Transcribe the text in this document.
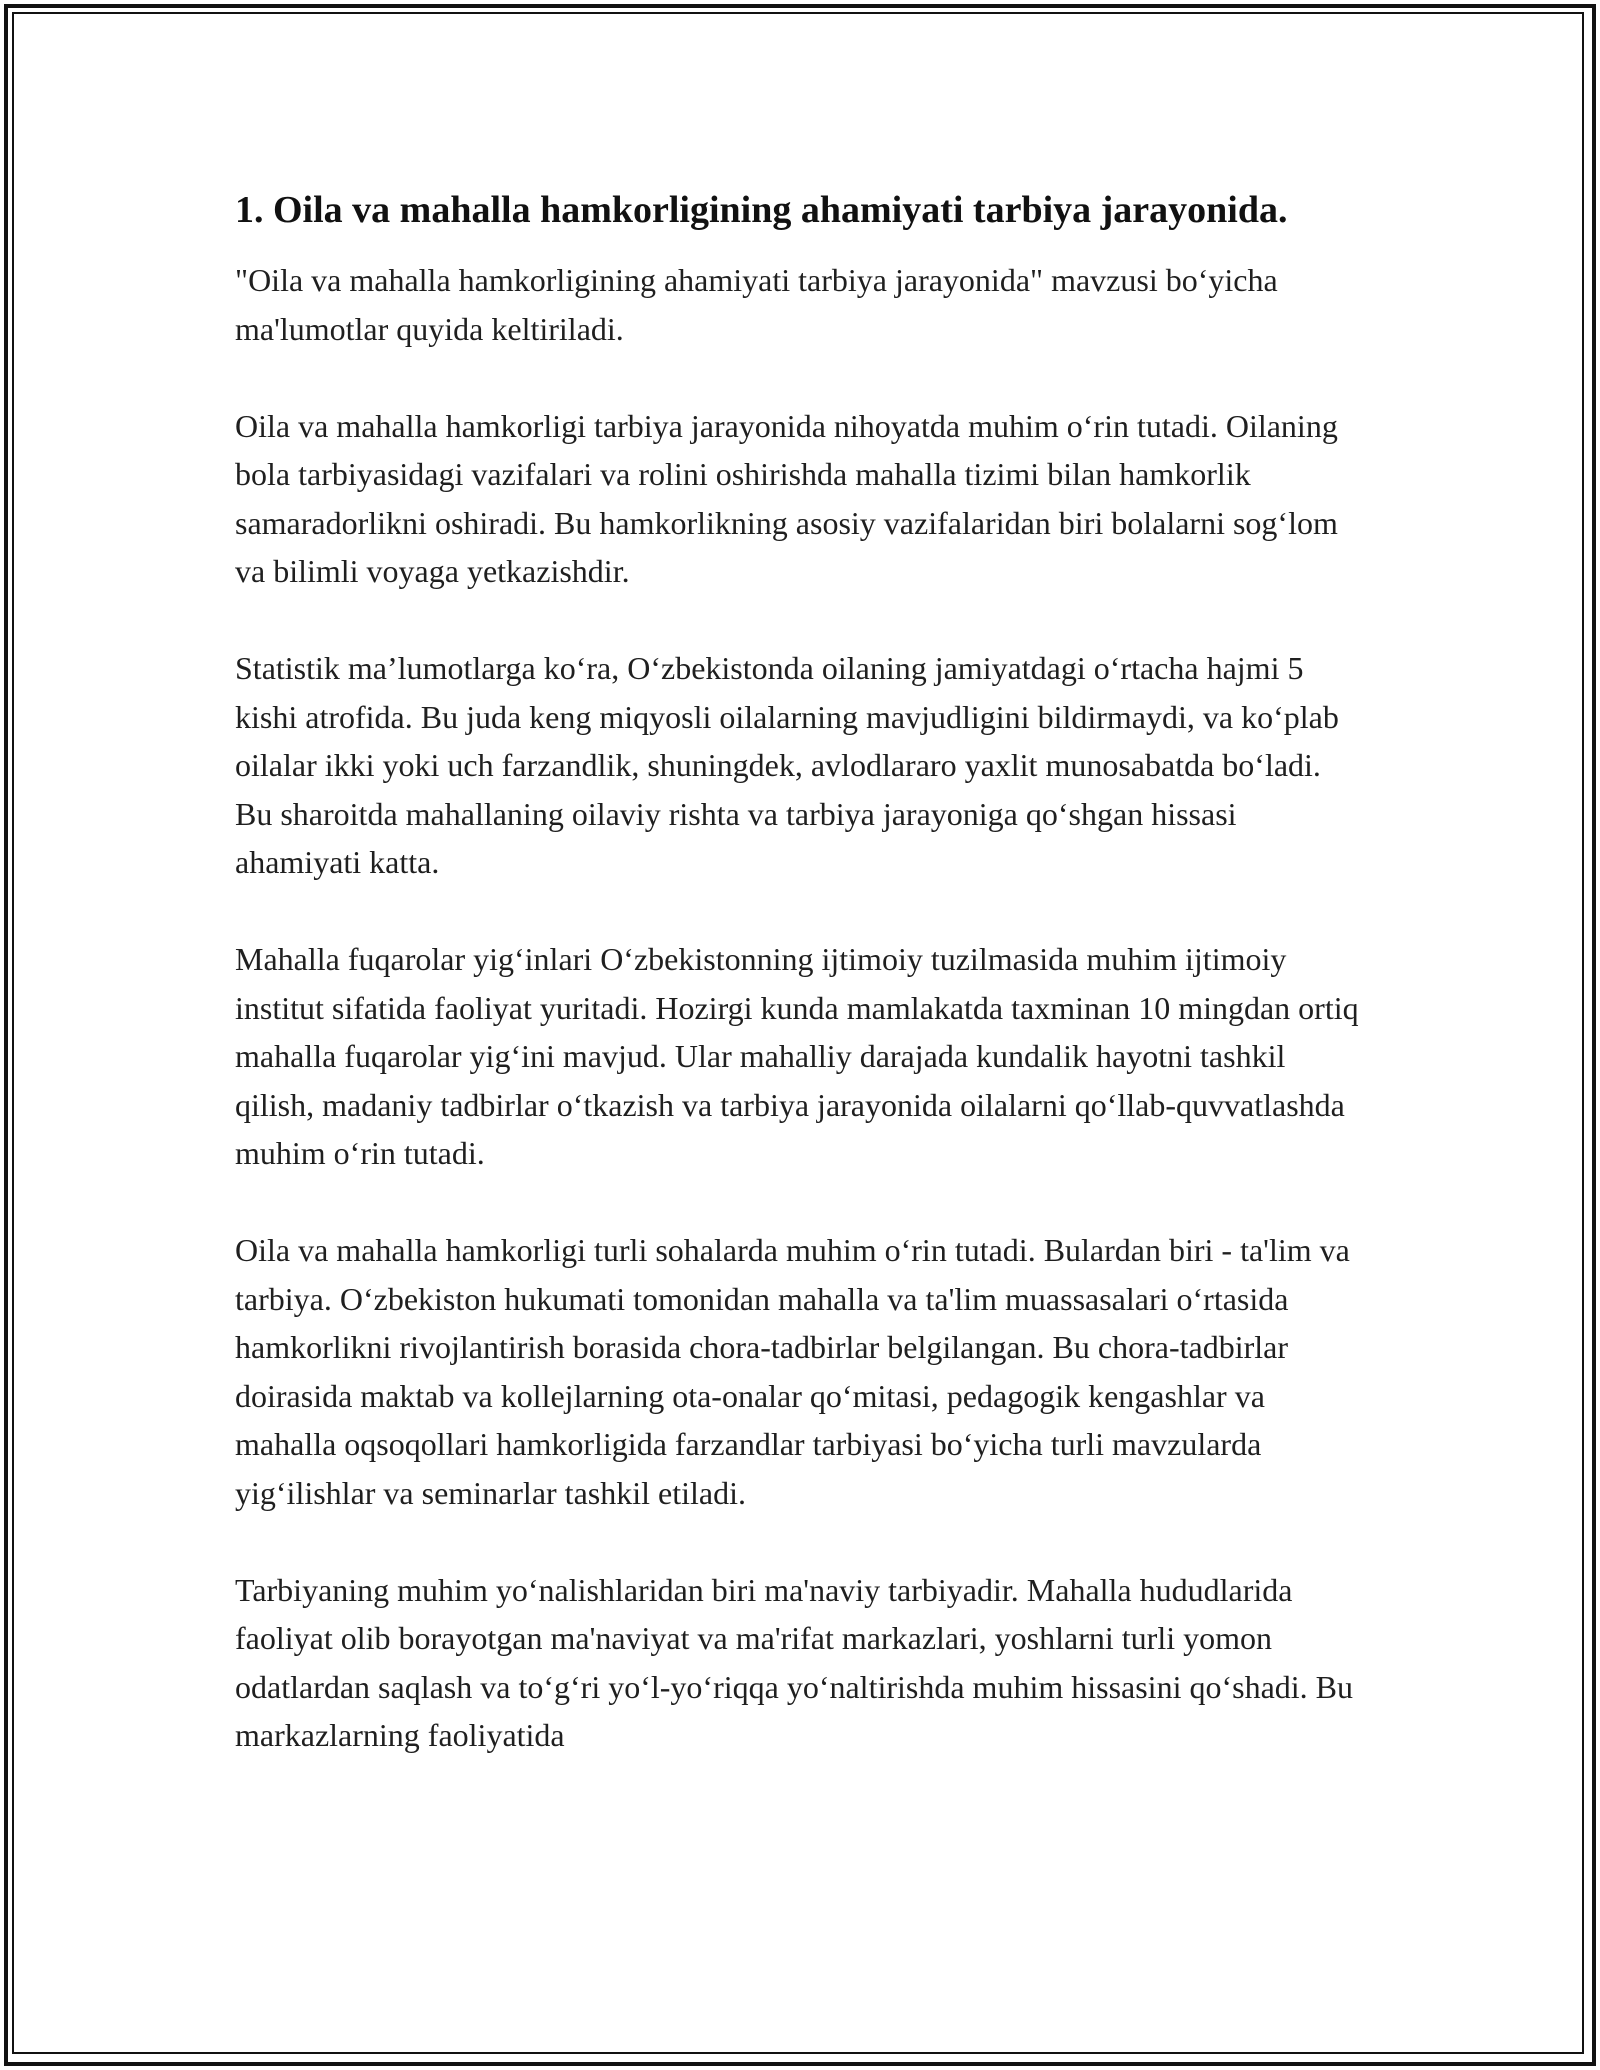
1. Oila va mahalla hamkorligining ahamiyati tarbiya jarayonida.

"Oila va mahalla hamkorligining ahamiyati tarbiya jarayonida" mavzusi bo‘yicha ma'lumotlar quyida keltiriladi.

Oila va mahalla hamkorligi tarbiya jarayonida nihoyatda muhim o‘rin tutadi. Oilaning bola tarbiyasidagi vazifalari va rolini oshirishda mahalla tizimi bilan hamkorlik samaradorlikni oshiradi. Bu hamkorlikning asosiy vazifalaridan biri bolalarni sog‘lom va bilimli voyaga yetkazishdir.

Statistik ma’lumotlarga ko‘ra, O‘zbekistonda oilaning jamiyatdagi o‘rtacha hajmi 5 kishi atrofida. Bu juda keng miqyosli oilalarning mavjudligini bildirmaydi, va ko‘plab oilalar ikki yoki uch farzandlik, shuningdek, avlodlararo yaxlit munosabatda bo‘ladi. Bu sharoitda mahallaning oilaviy rishta va tarbiya jarayoniga qo‘shgan hissasi ahamiyati katta.

Mahalla fuqarolar yig‘inlari O‘zbekistonning ijtimoiy tuzilmasida muhim ijtimoiy institut sifatida faoliyat yuritadi. Hozirgi kunda mamlakatda taxminan 10 mingdan ortiq mahalla fuqarolar yig‘ini mavjud. Ular mahalliy darajada kundalik hayotni tashkil qilish, madaniy tadbirlar o‘tkazish va tarbiya jarayonida oilalarni qo‘llab-quvvatlashda muhim o‘rin tutadi.

Oila va mahalla hamkorligi turli sohalarda muhim o‘rin tutadi. Bulardan biri - ta'lim va tarbiya. O‘zbekiston hukumati tomonidan mahalla va ta'lim muassasalari o‘rtasida hamkorlikni rivojlantirish borasida chora-tadbirlar belgilangan. Bu chora-tadbirlar doirasida maktab va kollejlarning ota-onalar qo‘mitasi, pedagogik kengashlar va mahalla oqsoqollari hamkorligida farzandlar tarbiyasi bo‘yicha turli mavzularda yig‘ilishlar va seminarlar tashkil etiladi.

Tarbiyaning muhim yo‘nalishlaridan biri ma'naviy tarbiyadir. Mahalla hududlarida faoliyat olib borayotgan ma'naviyat va ma'rifat markazlari, yoshlarni turli yomon odatlardan saqlash va to‘g‘ri yo‘l-yo‘riqqa yo‘naltirishda muhim hissasini qo‘shadi. Bu markazlarning faoliyatida
